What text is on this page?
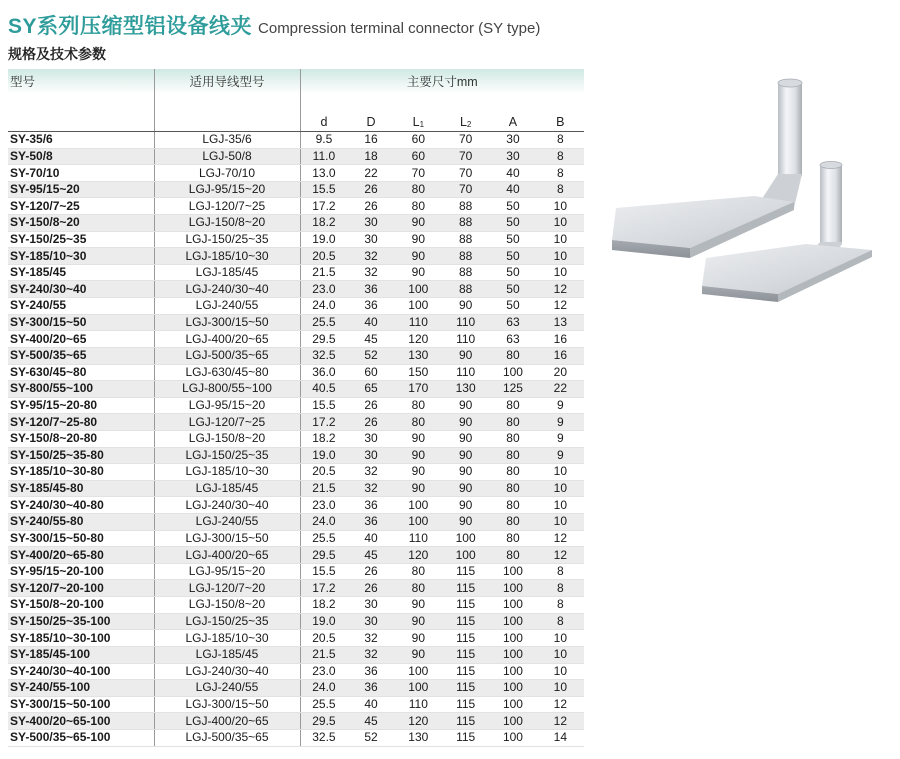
SY系列压缩型铝设备线夹 Compression terminal connector (SY type)
规格及技术参数
型号	适用导线型号	主要尺寸mm					
		d	D	$L_1$	$L_2$	A	B
SY-35/6	LGJ-35/6	9.5	16	60	70	30	8
SY-50/8	LGJ-50/8	11.0	18	60	70	30	8
SY-70/10	LGJ-70/10	13.0	22	70	70	40	8
SY-95/15~20	LGJ-95/15~20	15.5	26	80	70	40	8
SY-120/7~25	LGJ-120/7~25	17.2	26	80	88	50	10
SY-150/8~20	LGJ-150/8~20	18.2	30	90	88	50	10
SY-150/25~35	LGJ-150/25~35	19.0	30	90	88	50	10
SY-185/10~30	LGJ-185/10~30	20.5	32	90	88	50	10
SY-185/45	LGJ-185/45	21.5	32	90	88	50	10
SY-240/30~40	LGJ-240/30~40	23.0	36	100	88	50	12
SY-240/55	LGJ-240/55	24.0	36	100	90	50	12
SY-300/15~50	LGJ-300/15~50	25.5	40	110	110	63	13
SY-400/20~65	LGJ-400/20~65	29.5	45	120	110	63	16
SY-500/35~65	LGJ-500/35~65	32.5	52	130	90	80	16
SY-630/45~80	LGJ-630/45~80	36.0	60	150	110	100	20
SY-800/55~100	LGJ-800/55~100	40.5	65	170	130	125	22
SY-95/15~20-80	LGJ-95/15~20	15.5	26	80	90	80	9
SY-120/7~25-80	LGJ-120/7~25	17.2	26	80	90	80	9
SY-150/8~20-80	LGJ-150/8~20	18.2	30	90	90	80	9
SY-150/25~35-80	LGJ-150/25~35	19.0	30	90	90	80	9
SY-185/10~30-80	LGJ-185/10~30	20.5	32	90	90	80	10
SY-185/45-80	LGJ-185/45	21.5	32	90	90	80	10
SY-240/30~40-80	LGJ-240/30~40	23.0	36	100	90	80	10
SY-240/55-80	LGJ-240/55	24.0	36	100	90	80	10
SY-300/15~50-80	LGJ-300/15~50	25.5	40	110	100	80	12
SY-400/20~65-80	LGJ-400/20~65	29.5	45	120	100	80	12
SY-95/15~20-100	LGJ-95/15~20	15.5	26	80	115	100	8
SY-120/7~20-100	LGJ-120/7~20	17.2	26	80	115	100	8
SY-150/8~20-100	LGJ-150/8~20	18.2	30	90	115	100	8
SY-150/25~35-100	LGJ-150/25~35	19.0	30	90	115	100	8
SY-185/10~30-100	LGJ-185/10~30	20.5	32	90	115	100	10
SY-185/45-100	LGJ-185/45	21.5	32	90	115	100	10
SY-240/30~40-100	LGJ-240/30~40	23.0	36	100	115	100	10
SY-240/55-100	LGJ-240/55	24.0	36	100	115	100	10
SY-300/15~50-100	LGJ-300/15~50	25.5	40	110	115	100	12
SY-400/20~65-100	LGJ-400/20~65	29.5	45	120	115	100	12
SY-500/35~65-100	LGJ-500/35~65	32.5	52	130	115	100	14
